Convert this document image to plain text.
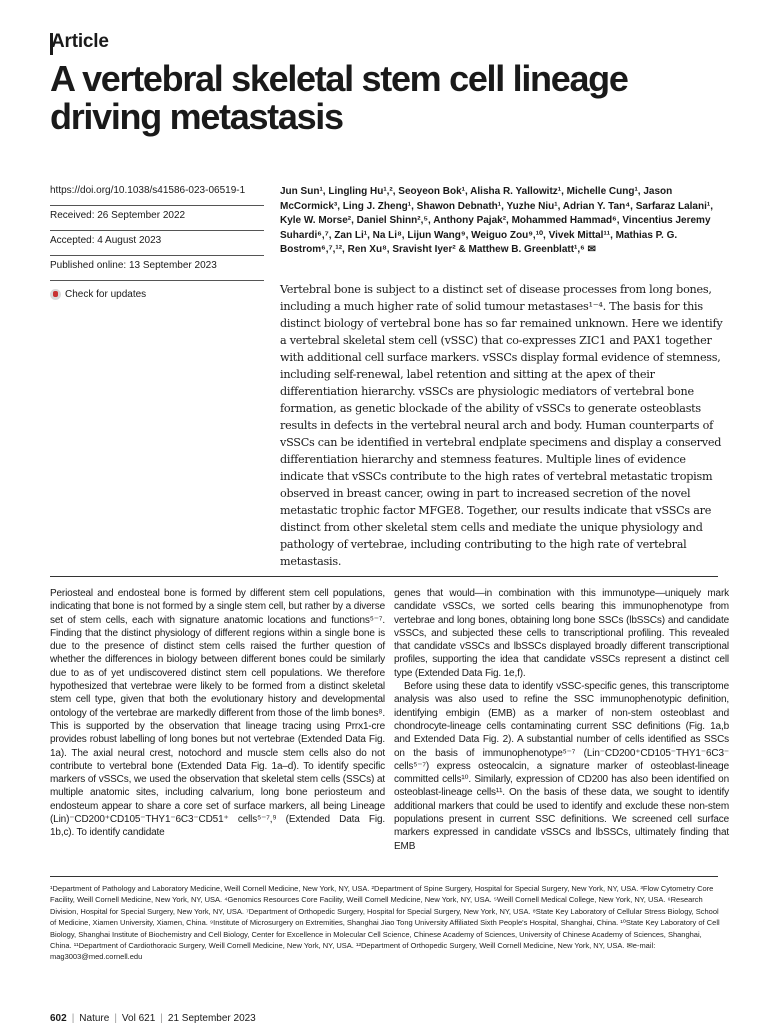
Article
A vertebral skeletal stem cell lineage driving metastasis
https://doi.org/10.1038/s41586-023-06519-1
Received: 26 September 2022
Accepted: 4 August 2023
Published online: 13 September 2023
Check for updates

Jun Sun¹, Lingling Hu¹,², Seoyeon Bok¹, Alisha R. Yallowitz¹, Michelle Cung¹, Jason McCormick³, Ling J. Zheng¹, Shawon Debnath¹, Yuzhe Niu¹, Adrian Y. Tan⁴, Sarfaraz Lalani¹, Kyle W. Morse², Daniel Shinn²,⁵, Anthony Pajak², Mohammed Hammad⁶, Vincentius Jeremy Suhardi⁶,⁷, Zan Li¹, Na Li⁸, Lijun Wang⁹, Weiguo Zou⁹,¹⁰, Vivek Mittal¹¹, Mathias P. G. Bostrom⁶,⁷,¹², Ren Xu⁸, Sravisht Iyer² & Matthew B. Greenblatt¹,⁶ ✉

Vertebral bone is subject to a distinct set of disease processes from long bones, including a much higher rate of solid tumour metastases¹⁻⁴. The basis for this distinct biology of vertebral bone has so far remained unknown. Here we identify a vertebral skeletal stem cell (vSSC) that co-expresses ZIC1 and PAX1 together with additional cell surface markers. vSSCs display formal evidence of stemness, including self-renewal, label retention and sitting at the apex of their differentiation hierarchy. vSSCs are physiologic mediators of vertebral bone formation, as genetic blockade of the ability of vSSCs to generate osteoblasts results in defects in the vertebral neural arch and body. Human counterparts of vSSCs can be identified in vertebral endplate specimens and display a conserved differentiation hierarchy and stemness features. Multiple lines of evidence indicate that vSSCs contribute to the high rates of vertebral metastatic tropism observed in breast cancer, owing in part to increased secretion of the novel metastatic trophic factor MFGE8. Together, our results indicate that vSSCs are distinct from other skeletal stem cells and mediate the unique physiology and pathology of vertebrae, including contributing to the high rate of vertebral metastasis.

Periosteal and endosteal bone is formed by different stem cell populations, indicating that bone is not formed by a single stem cell, but rather by a diverse set of stem cells, each with signature anatomic locations and functions⁵⁻⁷. Finding that the distinct physiology of different regions within a single bone is due to the presence of distinct stem cells raised the further question of whether the differences in biology between different bones could be similarly due to as of yet undiscovered distinct stem cell populations. We therefore hypothesized that vertebrae were likely to be formed from a distinct skeletal stem cell type, given that both the evolutionary history and developmental ontology of the vertebrae are markedly different from those of the limb bones⁸. This is supported by the observation that lineage tracing using Prrx1-cre provides robust labelling of long bones but not vertebrae (Extended Data Fig. 1a). The axial neural crest, notochord and muscle stem cells also do not contribute to vertebral bone (Extended Data Fig. 1a–d). To identify specific markers of vSSCs, we used the observation that skeletal stem cells (SSCs) at multiple anatomic sites, including calvarium, long bone periosteum and endosteum appear to share a core set of surface markers, all being Lineage (Lin)⁻CD200⁺CD105⁻THY1⁻6C3⁻CD51⁺ cells⁵⁻⁷,⁹ (Extended Data Fig. 1b,c). To identify candidate

genes that would—in combination with this immunotype—uniquely mark candidate vSSCs, we sorted cells bearing this immunophenotype from vertebrae and long bones, obtaining long bone SSCs (lbSSCs) and candidate vSSCs, and subjected these cells to transcriptional profiling. This revealed that candidate vSSCs and lbSSCs displayed broadly different transcriptional profiles, supporting the idea that candidate vSSCs represent a distinct cell type (Extended Data Fig. 1e,f).

Before using these data to identify vSSC-specific genes, this transcriptome analysis was also used to refine the SSC immunophenotypic definition, identifying embigin (EMB) as a marker of non-stem osteoblast and chondrocyte-lineage cells contaminating current SSC definitions (Fig. 1a,b and Extended Data Fig. 2). A substantial number of cells identified as SSCs on the basis of immunophenotype⁵⁻⁷ (Lin⁻CD200⁺CD105⁻THY1⁻6C3⁻ cells⁵⁻⁷) express osteocalcin, a signature marker of osteoblast-lineage committed cells¹⁰. Similarly, expression of CD200 has also been identified on osteoblast-lineage cells¹¹. On the basis of these data, we sought to identify additional markers that could be used to identify and exclude these non-stem populations present in current SSC definitions. We screened cell surface markers expressed in candidate vSSCs and lbSSCs, ultimately finding that EMB

¹Department of Pathology and Laboratory Medicine, Weill Cornell Medicine, New York, NY, USA. ²Department of Spine Surgery, Hospital for Special Surgery, New York, NY, USA. ³Flow Cytometry Core Facility, Weill Cornell Medicine, New York, NY, USA. ⁴Genomics Resources Core Facility, Weill Cornell Medicine, New York, NY, USA. ⁵Weill Cornell Medical College, New York, NY, USA. ⁶Research Division, Hospital for Special Surgery, New York, NY, USA. ⁷Department of Orthopedic Surgery, Hospital for Special Surgery, New York, NY, USA. ⁸State Key Laboratory of Cellular Stress Biology, School of Medicine, Xiamen University, Xiamen, China. ⁹Institute of Microsurgery on Extremities, Shanghai Jiao Tong University Affiliated Sixth People's Hospital, Shanghai, China. ¹⁰State Key Laboratory of Cell Biology, Shanghai Institute of Biochemistry and Cell Biology, Center for Excellence in Molecular Cell Science, Chinese Academy of Sciences, University of Chinese Academy of Sciences, Shanghai, China. ¹¹Department of Cardiothoracic Surgery, Weill Cornell Medicine, New York, NY, USA. ¹²Department of Orthopedic Surgery, Weill Cornell Medicine, New York, NY, USA. ✉e-mail: mag3003@med.cornell.edu

602 | Nature | Vol 621 | 21 September 2023
